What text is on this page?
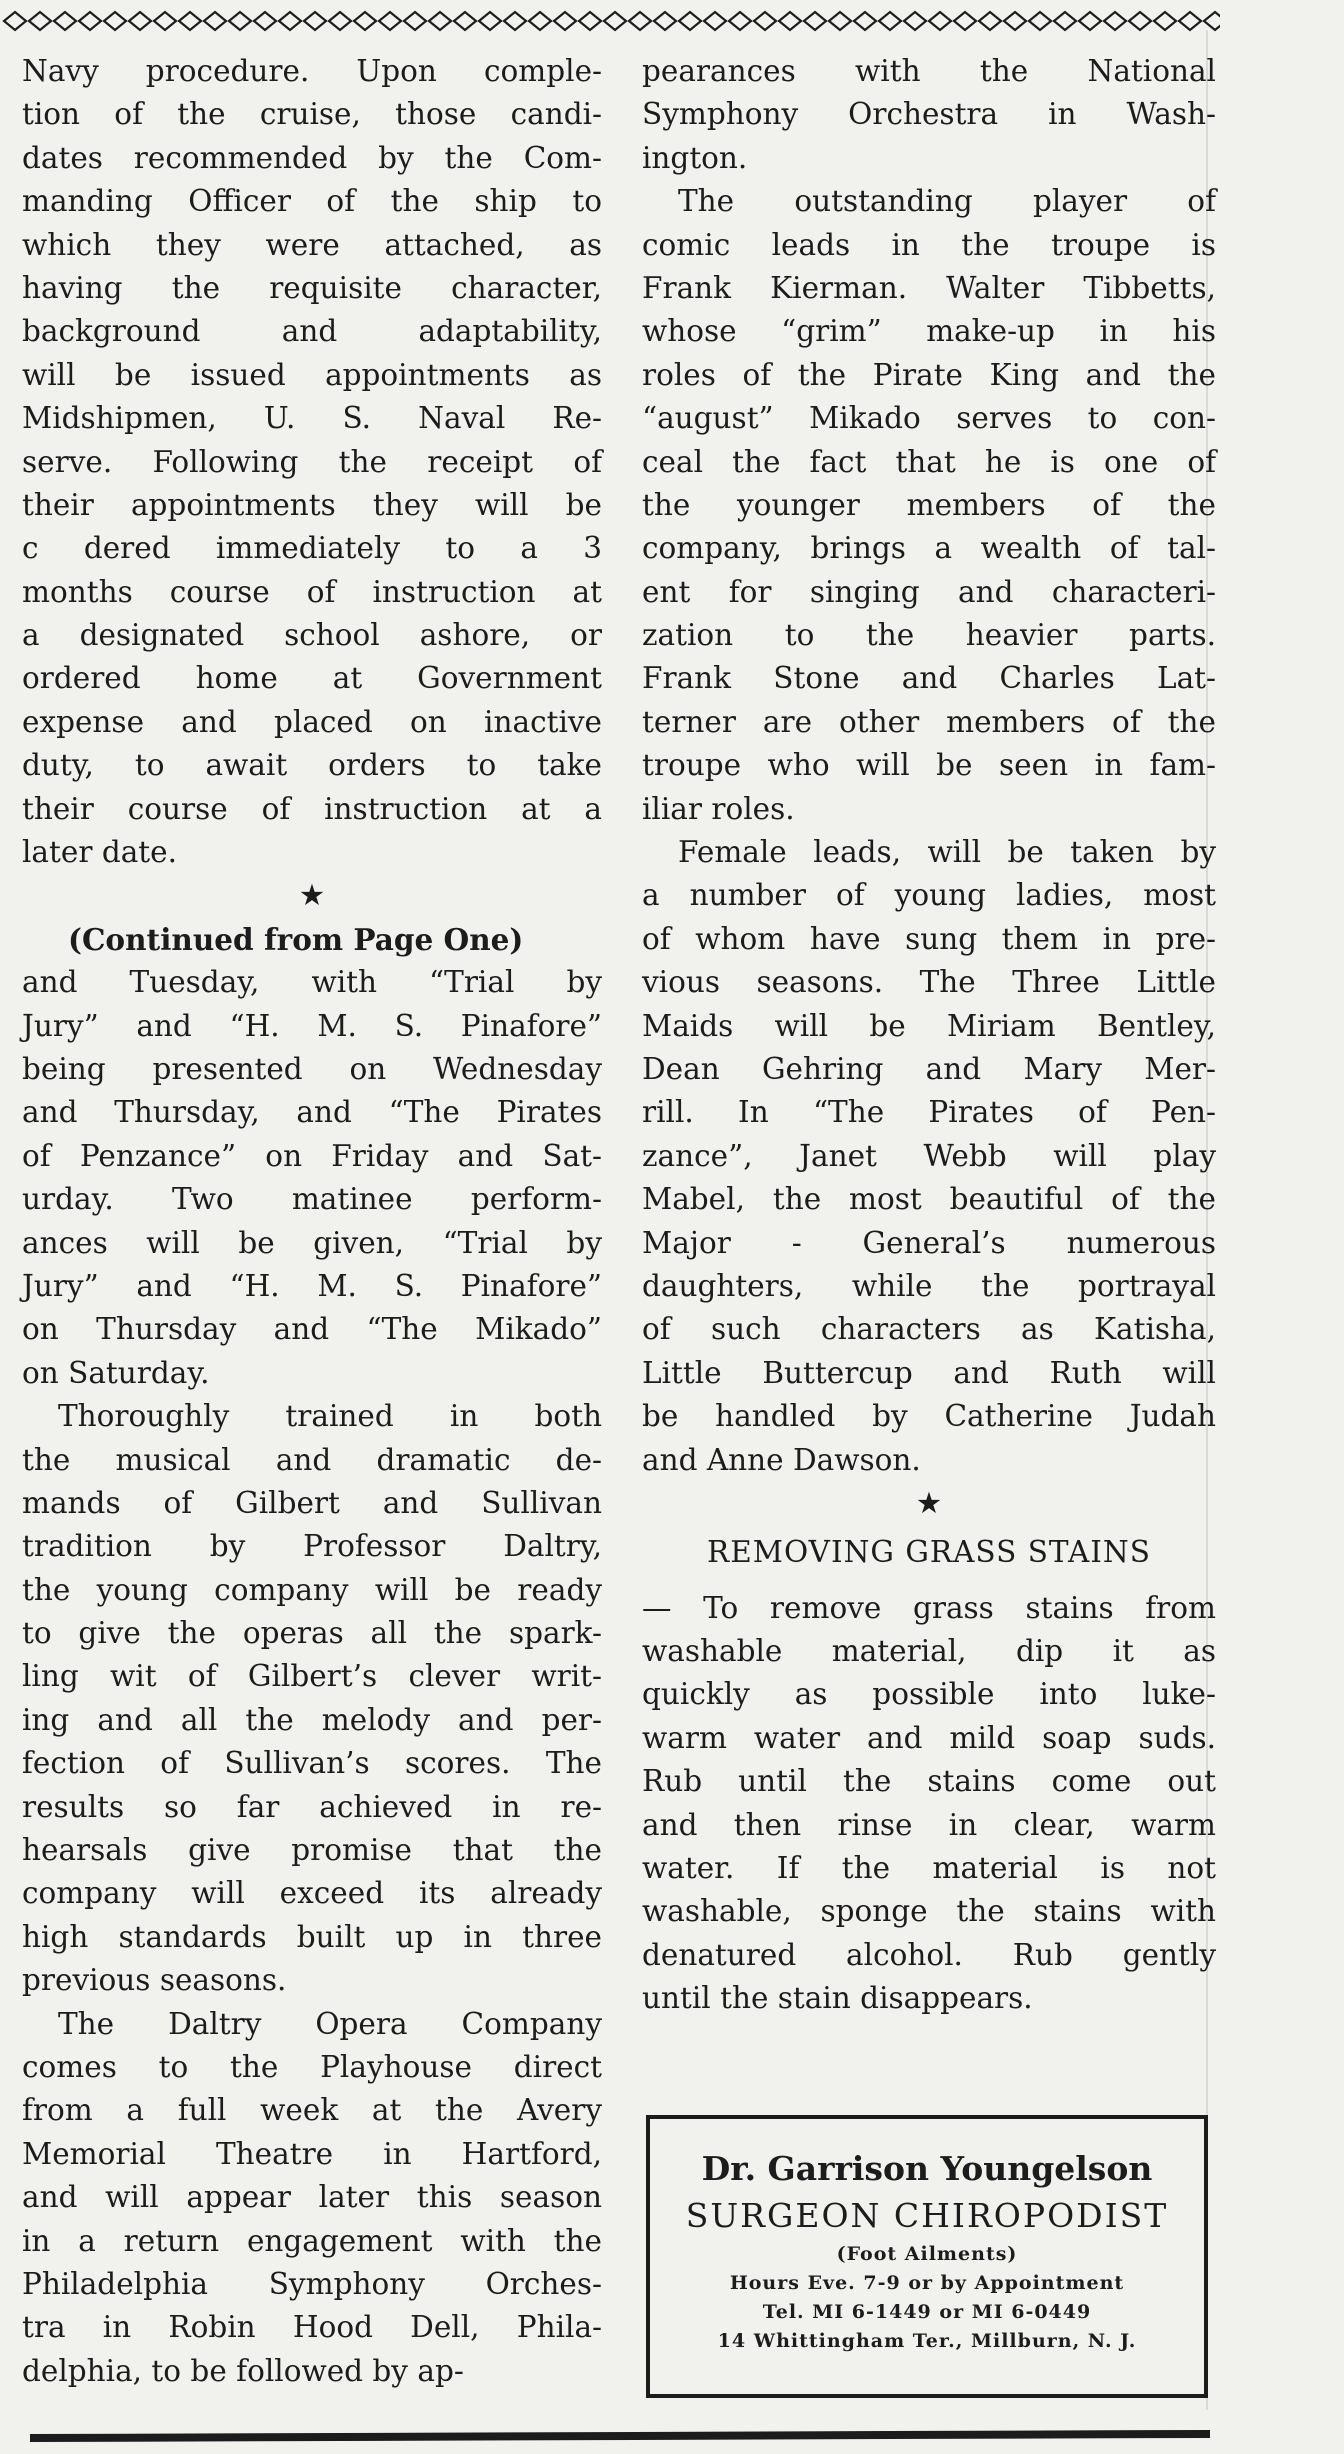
Navy procedure. Upon comple-
tion of the cruise, those candi-
dates recommended by the Com-
manding Officer of the ship to
which they were attached, as
having the requisite character,
background and adaptability,
will be issued appointments as
Midshipmen, U. S. Naval Re-
serve. Following the receipt of
their appointments they will be
c dered immediately to a 3
months course of instruction at
a designated school ashore, or
ordered home at Government
expense and placed on inactive
duty, to await orders to take
their course of instruction at a
later date.
★
(Continued from Page One)
and Tuesday, with “Trial by
Jury” and “H. M. S. Pinafore”
being presented on Wednesday
and Thursday, and “The Pirates
of Penzance” on Friday and Sat-
urday. Two matinee perform-
ances will be given, “Trial by
Jury” and “H. M. S. Pinafore”
on Thursday and “The Mikado”
on Saturday.
Thoroughly trained in both
the musical and dramatic de-
mands of Gilbert and Sullivan
tradition by Professor Daltry,
the young company will be ready
to give the operas all the spark-
ling wit of Gilbert’s clever writ-
ing and all the melody and per-
fection of Sullivan’s scores. The
results so far achieved in re-
hearsals give promise that the
company will exceed its already
high standards built up in three
previous seasons.
The Daltry Opera Company
comes to the Playhouse direct
from a full week at the Avery
Memorial Theatre in Hartford,
and will appear later this season
in a return engagement with the
Philadelphia Symphony Orches-
tra in Robin Hood Dell, Phila-
delphia, to be followed by ap-
pearances with the National
Symphony Orchestra in Wash-
ington.
The outstanding player of
comic leads in the troupe is
Frank Kierman. Walter Tibbetts,
whose “grim” make-up in his
roles of the Pirate King and the
“august” Mikado serves to con-
ceal the fact that he is one of
the younger members of the
company, brings a wealth of tal-
ent for singing and characteri-
zation to the heavier parts.
Frank Stone and Charles Lat-
terner are other members of the
troupe who will be seen in fam-
iliar roles.
Female leads, will be taken by
a number of young ladies, most
of whom have sung them in pre-
vious seasons. The Three Little
Maids will be Miriam Bentley,
Dean Gehring and Mary Mer-
rill. In “The Pirates of Pen-
zance”, Janet Webb will play
Mabel, the most beautiful of the
Major - General’s numerous
daughters, while the portrayal
of such characters as Katisha,
Little Buttercup and Ruth will
be handled by Catherine Judah
and Anne Dawson.
★
REMOVING GRASS STAINS
— To remove grass stains from
washable material, dip it as
quickly as possible into luke-
warm water and mild soap suds.
Rub until the stains come out
and then rinse in clear, warm
water. If the material is not
washable, sponge the stains with
denatured alcohol. Rub gently
until the stain disappears.
Dr. Garrison Youngelson
SURGEON CHIROPODIST
(Foot Ailments)
Hours Eve. 7-9 or by Appointment
Tel. MI 6-1449 or MI 6-0449
14 Whittingham Ter., Millburn, N. J.
